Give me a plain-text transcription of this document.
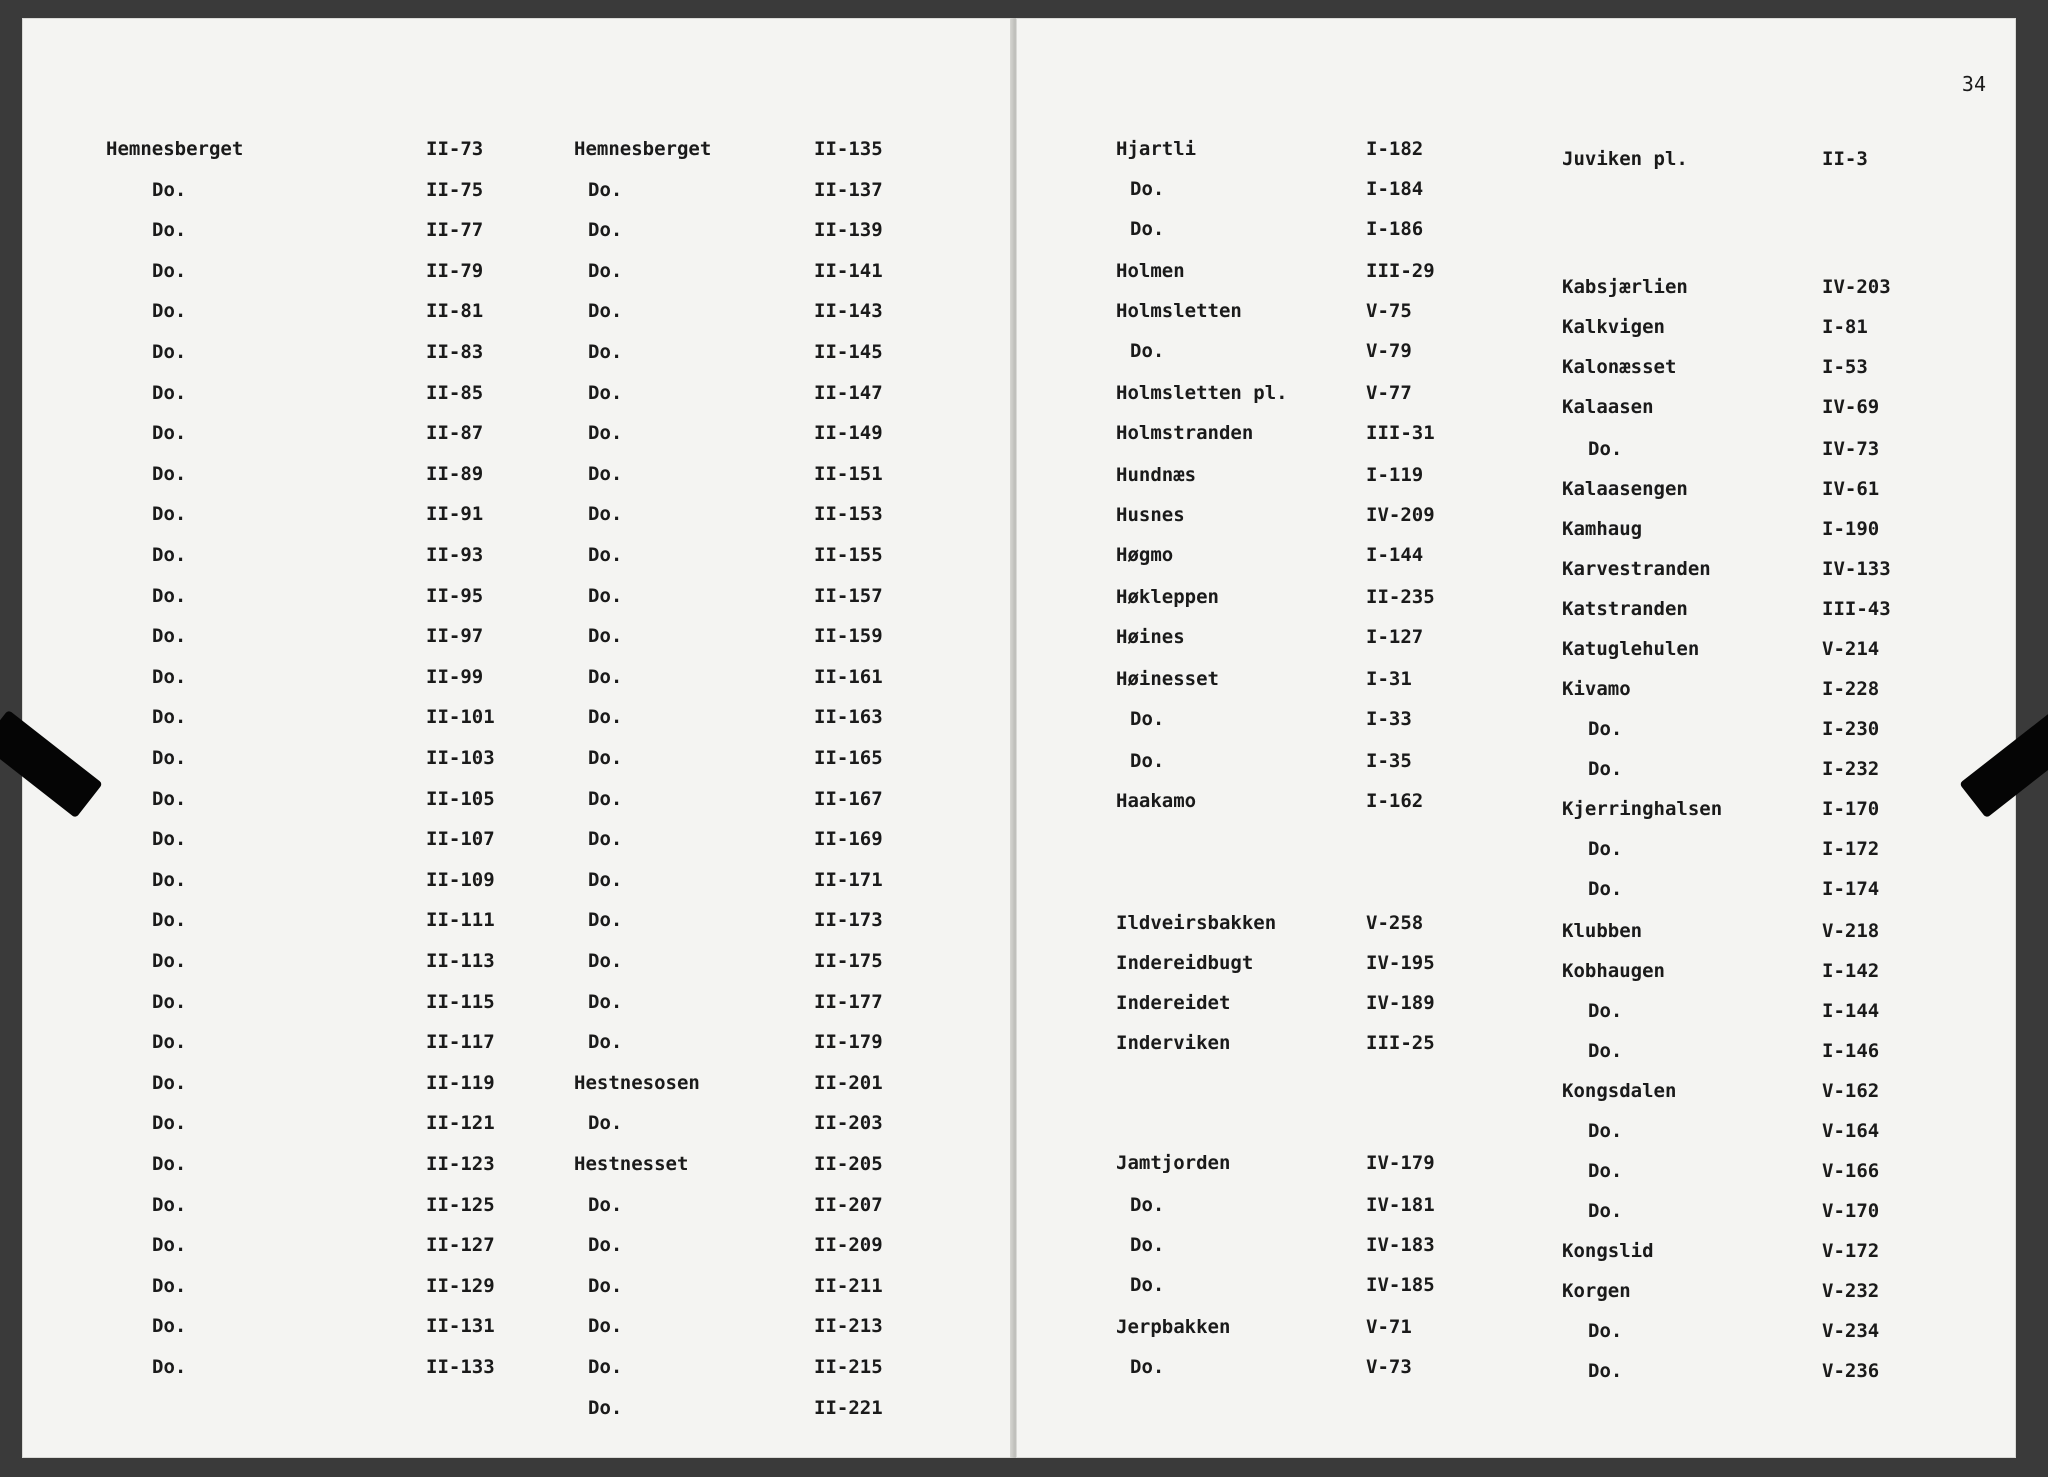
34
Hemnesberget	II-73
Do.	II-75
Do.	II-77
Do.	II-79
Do.	II-81
Do.	II-83
Do.	II-85
Do.	II-87
Do.	II-89
Do.	II-91
Do.	II-93
Do.	II-95
Do.	II-97
Do.	II-99
Do.	II-101
Do.	II-103
Do.	II-105
Do.	II-107
Do.	II-109
Do.	II-111
Do.	II-113
Do.	II-115
Do.	II-117
Do.	II-119
Do.	II-121
Do.	II-123
Do.	II-125
Do.	II-127
Do.	II-129
Do.	II-131
Do.	II-133
Hemnesberget	II-135
Do.	II-137
Do.	II-139
Do.	II-141
Do.	II-143
Do.	II-145
Do.	II-147
Do.	II-149
Do.	II-151
Do.	II-153
Do.	II-155
Do.	II-157
Do.	II-159
Do.	II-161
Do.	II-163
Do.	II-165
Do.	II-167
Do.	II-169
Do.	II-171
Do.	II-173
Do.	II-175
Do.	II-177
Do.	II-179
Hestnesosen	II-201
Do.	II-203
Hestnesset	II-205
Do.	II-207
Do.	II-209
Do.	II-211
Do.	II-213
Do.	II-215
Do.	II-221
Hjartli	I-182
Do.	I-184
Do.	I-186
Holmen	III-29
Holmsletten	V-75
Do.	V-79
Holmsletten pl.	V-77
Holmstranden	III-31
Hundnæs	I-119
Husnes	IV-209
Høgmo	I-144
Høkleppen	II-235
Høines	I-127
Høinesset	I-31
Do.	I-33
Do.	I-35
Haakamo	I-162
Ildveirsbakken	V-258
Indereidbugt	IV-195
Indereidet	IV-189
Inderviken	III-25
Jamtjorden	IV-179
Do.	IV-181
Do.	IV-183
Do.	IV-185
Jerpbakken	V-71
Do.	V-73
Juviken pl.	II-3
Kabsjærlien	IV-203
Kalkvigen	I-81
Kalonæsset	I-53
Kalaasen	IV-69
Do.	IV-73
Kalaasengen	IV-61
Kamhaug	I-190
Karvestranden	IV-133
Katstranden	III-43
Katuglehulen	V-214
Kivamo	I-228
Do.	I-230
Do.	I-232
Kjerringhalsen	I-170
Do.	I-172
Do.	I-174
Klubben	V-218
Kobhaugen	I-142
Do.	I-144
Do.	I-146
Kongsdalen	V-162
Do.	V-164
Do.	V-166
Do.	V-170
Kongslid	V-172
Korgen	V-232
Do.	V-234
Do.	V-236
